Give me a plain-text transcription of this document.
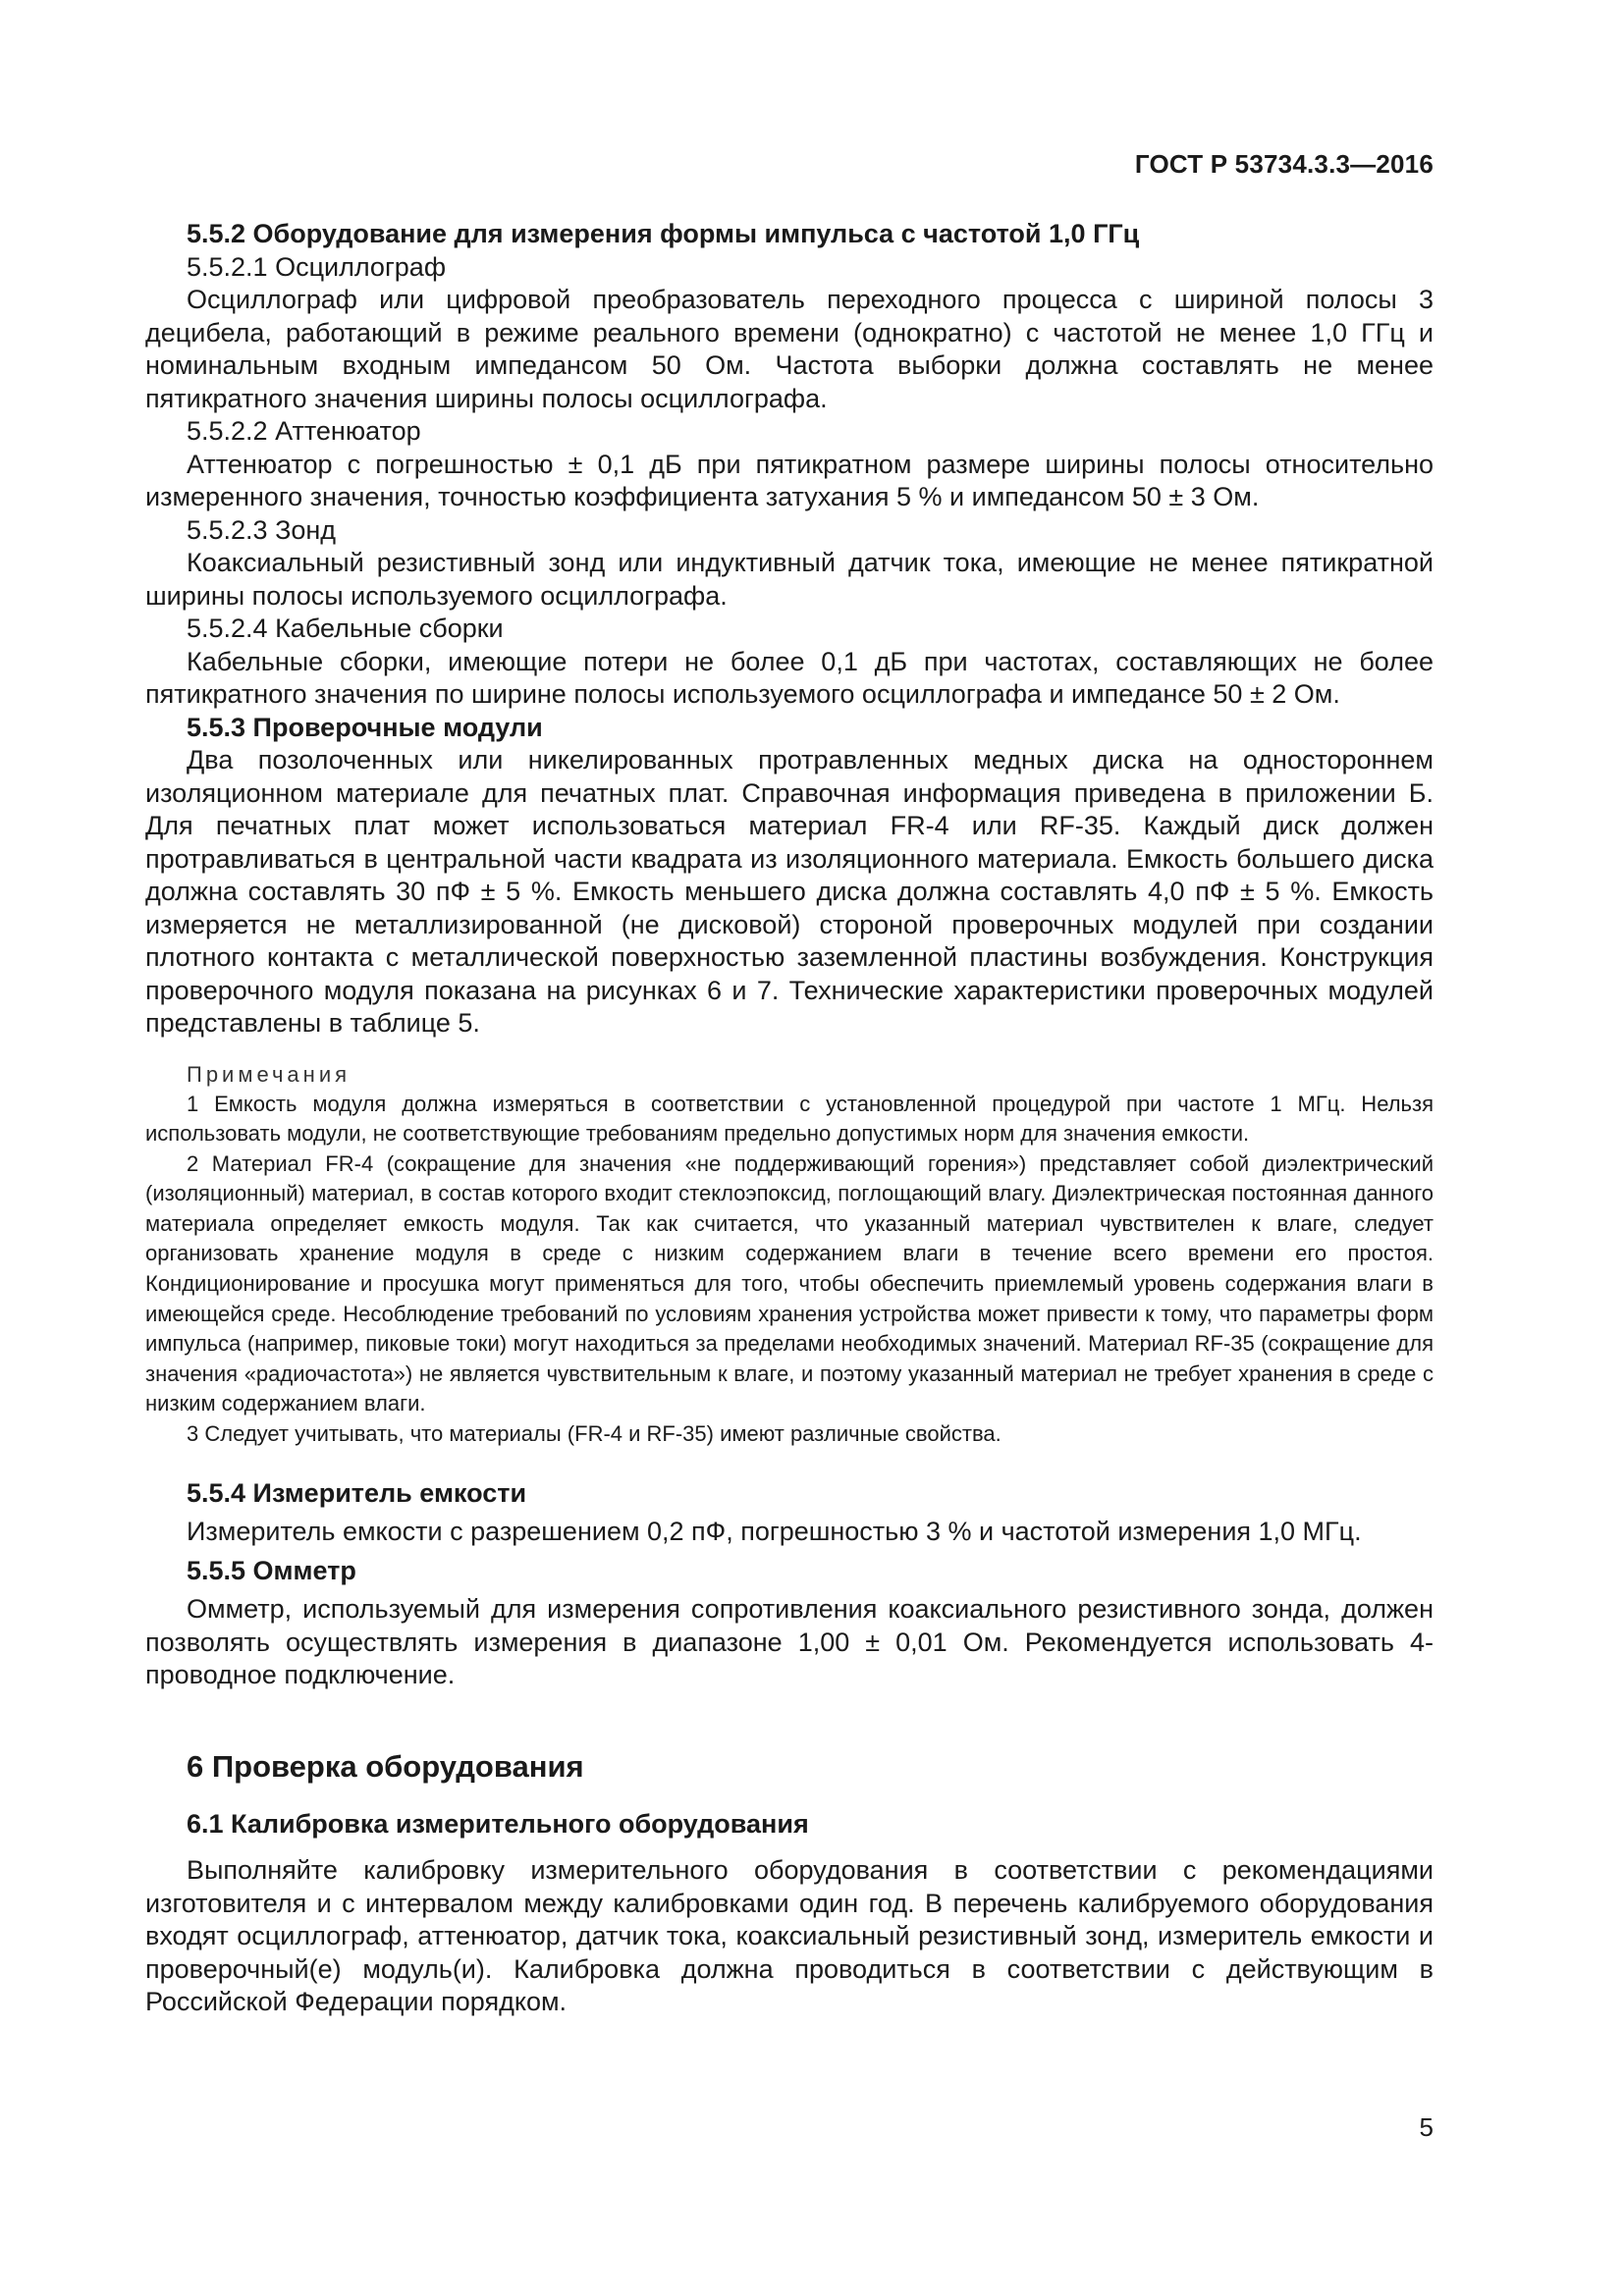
ГОСТ Р 53734.3.3—2016

5.5.2 Оборудование для измерения формы импульса с частотой 1,0 ГГц

5.5.2.1 Осциллограф

Осциллограф или цифровой преобразователь переходного процесса с шириной полосы 3 децибела, работающий в режиме реального времени (однократно) с частотой не менее 1,0 ГГц и номинальным входным импедансом 50 Ом. Частота выборки должна составлять не менее пятикратного значения ширины полосы осциллографа.

5.5.2.2 Аттенюатор

Аттенюатор с погрешностью ± 0,1 дБ при пятикратном размере ширины полосы относительно измеренного значения, точностью коэффициента затухания 5 % и импедансом 50 ± 3 Ом.

5.5.2.3 Зонд

Коаксиальный резистивный зонд или индуктивный датчик тока, имеющие не менее пятикратной ширины полосы используемого осциллографа.

5.5.2.4 Кабельные сборки

Кабельные сборки, имеющие потери не более 0,1 дБ при частотах, составляющих не более пятикратного значения по ширине полосы используемого осциллографа и импедансе 50 ± 2 Ом.

5.5.3 Проверочные модули

Два позолоченных или никелированных протравленных медных диска на одностороннем изоляционном материале для печатных плат. Справочная информация приведена в приложении Б. Для печатных плат может использоваться материал FR-4 или RF-35. Каждый диск должен протравливаться в центральной части квадрата из изоляционного материала. Емкость большего диска должна составлять 30 пФ ± 5 %. Емкость меньшего диска должна составлять 4,0 пФ ± 5 %. Емкость измеряется не металлизированной (не дисковой) стороной проверочных модулей при создании плотного контакта с металлической поверхностью заземленной пластины возбуждения. Конструкция проверочного модуля показана на рисунках 6 и 7. Технические характеристики проверочных модулей представлены в таблице 5.

Примечания

1 Емкость модуля должна измеряться в соответствии с установленной процедурой при частоте 1 МГц. Нельзя использовать модули, не соответствующие требованиям предельно допустимых норм для значения емкости.

2 Материал FR-4 (сокращение для значения «не поддерживающий горения») представляет собой диэлектрический (изоляционный) материал, в состав которого входит стеклоэпоксид, поглощающий влагу. Диэлектрическая постоянная данного материала определяет емкость модуля. Так как считается, что указанный материал чувствителен к влаге, следует организовать хранение модуля в среде с низким содержанием влаги в течение всего времени его простоя. Кондиционирование и просушка могут применяться для того, чтобы обеспечить приемлемый уровень содержания влаги в имеющейся среде. Несоблюдение требований по условиям хранения устройства может привести к тому, что параметры форм импульса (например, пиковые токи) могут находиться за пределами необходимых значений. Материал RF-35 (сокращение для значения «радиочастота») не является чувствительным к влаге, и поэтому указанный материал не требует хранения в среде с низким содержанием влаги.

3 Следует учитывать, что материалы (FR-4 и RF-35) имеют различные свойства.

5.5.4 Измеритель емкости

Измеритель емкости с разрешением 0,2 пФ, погрешностью 3 % и частотой измерения 1,0 МГц.

5.5.5 Омметр

Омметр, используемый для измерения сопротивления коаксиального резистивного зонда, должен позволять осуществлять измерения в диапазоне 1,00 ± 0,01 Ом. Рекомендуется использовать 4-проводное подключение.

6 Проверка оборудования

6.1 Калибровка измерительного оборудования

Выполняйте калибровку измерительного оборудования в соответствии с рекомендациями изготовителя и с интервалом между калибровками один год. В перечень калибруемого оборудования входят осциллограф, аттенюатор, датчик тока, коаксиальный резистивный зонд, измеритель емкости и проверочный(е) модуль(и). Калибровка должна проводиться в соответствии с действующим в Российской Федерации порядком.

5
